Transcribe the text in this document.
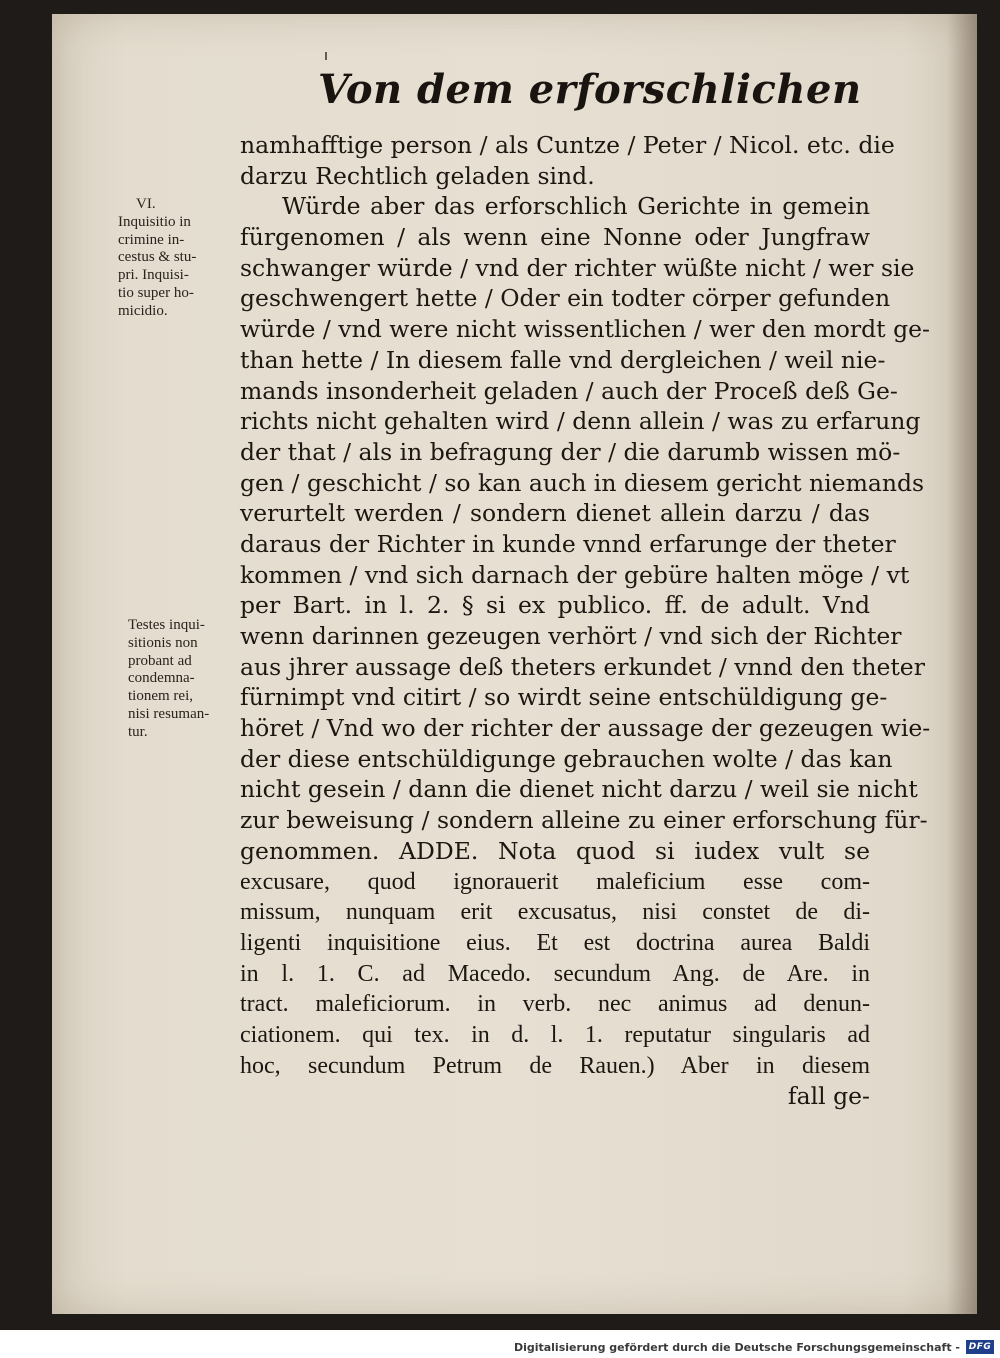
Von dem erforschlichen
VI.
Inquisitio in
crimine in-
cestus & stu-
pri. Inquisi-
tio super ho-
micidio.
Testes inqui-
sitionis non
probant ad
condemna-
tionem rei,
nisi resuman-
tur.
namhafftige person / als Cuntze / Peter / Nicol. etc. die
darzu Rechtlich geladen sind.
Würde aber das erforschlich Gerichte in gemein
fürgenomen / als wenn eine Nonne oder Jungfraw
schwanger würde / vnd der richter wüßte nicht / wer sie
geschwengert hette / Oder ein todter cörper gefunden
würde / vnd were nicht wissentlichen / wer den mordt ge-
than hette / In diesem falle vnd dergleichen / weil nie-
mands insonderheit geladen / auch der Proceß deß Ge-
richts nicht gehalten wird / denn allein / was zu erfarung
der that / als in befragung der / die darumb wissen mö-
gen / geschicht / so kan auch in diesem gericht niemands
verurtelt werden / sondern dienet allein darzu / das
daraus der Richter in kunde vnnd erfarunge der theter
kommen / vnd sich darnach der gebüre halten möge / vt
per Bart. in l. 2. § si ex publico. ff. de adult. Vnd
wenn darinnen gezeugen verhört / vnd sich der Richter
aus jhrer aussage deß theters erkundet / vnnd den theter
fürnimpt vnd citirt / so wirdt seine entschüldigung ge-
höret / Vnd wo der richter der aussage der gezeugen wie-
der diese entschüldigunge gebrauchen wolte / das kan
nicht gesein / dann die dienet nicht darzu / weil sie nicht
zur beweisung / sondern alleine zu einer erforschung für-
genommen. ADDE. Nota quod si iudex vult se
excusare, quod ignorauerit maleficium esse com-
missum, nunquam erit excusatus, nisi constet de di-
ligenti inquisitione eius. Et est doctrina aurea Baldi
in l. 1. C. ad Macedo. secundum Ang. de Are. in
tract. maleficiorum. in verb. nec animus ad denun-
ciationem. qui tex. in d. l. 1. reputatur singularis ad
hoc, secundum Petrum de Rauen.) Aber in diesem
fall ge-
Digitalisierung gefördert durch die Deutsche Forschungsgemeinschaft - DFG
